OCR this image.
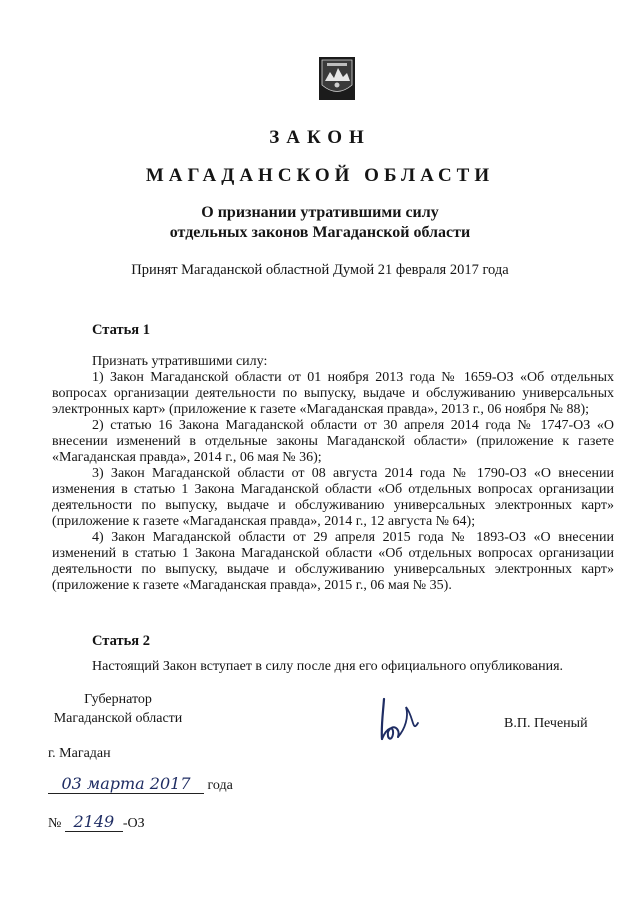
ЗАКОН
МАГАДАНСКОЙ ОБЛАСТИ
О признании утратившими силу
отдельных законов Магаданской области
Принят Магаданской областной Думой 21 февраля 2017 года
Статья 1

Признать утратившими силу:

1) Закон Магаданской области от 01 ноября 2013 года № 1659-ОЗ «Об отдельных вопросах организации деятельности по выпуску, выдаче и обслуживанию универсальных электронных карт» (приложение к газете «Магаданская правда», 2013 г., 06 ноября № 88);

2) статью 16 Закона Магаданской области от 30 апреля 2014 года № 1747-ОЗ «О внесении изменений в отдельные законы Магаданской области» (приложение к газете «Магаданская правда», 2014 г., 06 мая № 36);

3) Закон Магаданской области от 08 августа 2014 года № 1790-ОЗ «О внесении изменения в статью 1 Закона Магаданской области «Об отдельных вопросах организации деятельности по выпуску, выдаче и обслуживанию универсальных электронных карт» (приложение к газете «Магаданская правда», 2014 г., 12 августа № 64);

4) Закон Магаданской области от 29 апреля 2015 года № 1893-ОЗ «О внесении изменений в статью 1 Закона Магаданской области «Об отдельных вопросах организации деятельности по выпуску, выдаче и обслуживанию универсальных электронных карт» (приложение к газете «Магаданская правда», 2015 г., 06 мая № 35).

Статья 2

Настоящий Закон вступает в силу после дня его официального опубликования.

Губернатор
Магаданской области	В.П. Печеный
г. Магадан
03 марта 2017 года
№ 2149 -ОЗ
